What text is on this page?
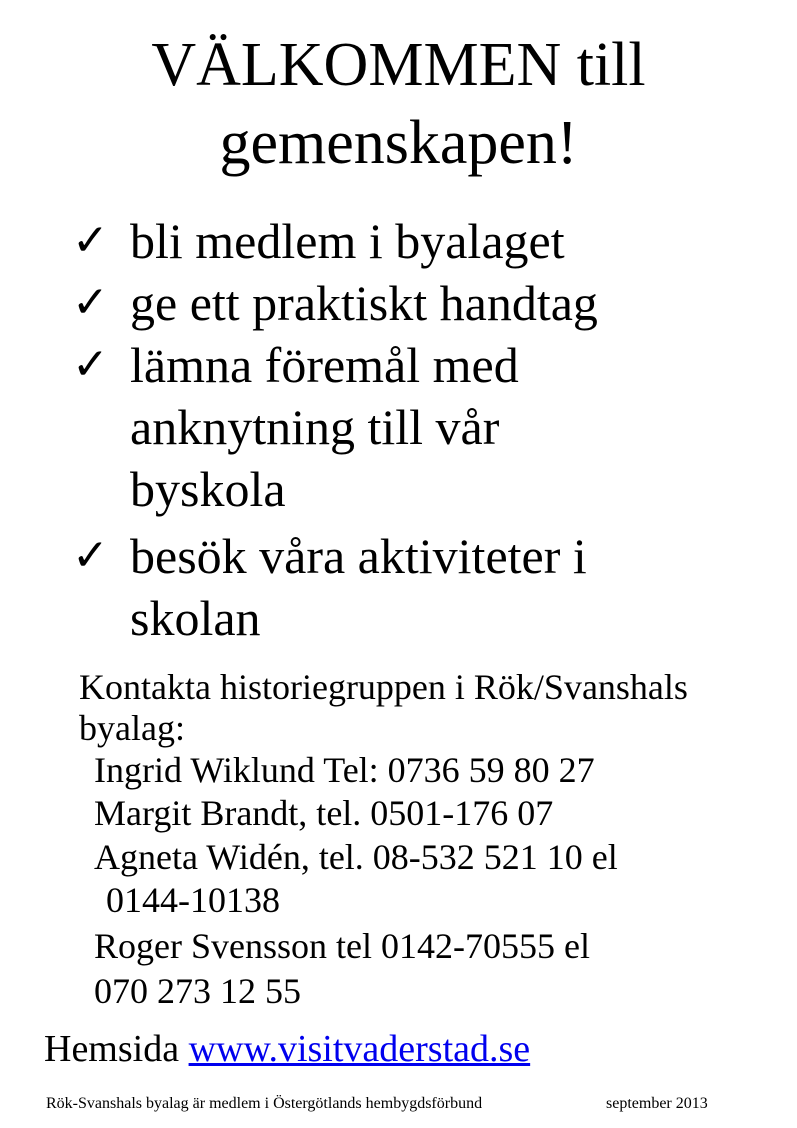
VÄLKOMMEN till
gemenskapen!
✓ bli medlem i byalaget
✓ ge ett praktiskt handtag
✓ lämna föremål med
anknytning till vår
byskola
✓ besök våra aktiviteter i
skolan
Kontakta historiegruppen i Rök/Svanshals
byalag:
Ingrid Wiklund Tel: 0736 59 80 27
Margit Brandt, tel. 0501-176 07
Agneta Widén, tel. 08-532 521 10 el
0144-10138
Roger Svensson tel 0142-70555 el
070 273 12 55
Hemsida www.visitvaderstad.se
Rök-Svanshals byalag är medlem i Östergötlands hembygdsförbund	september 2013
